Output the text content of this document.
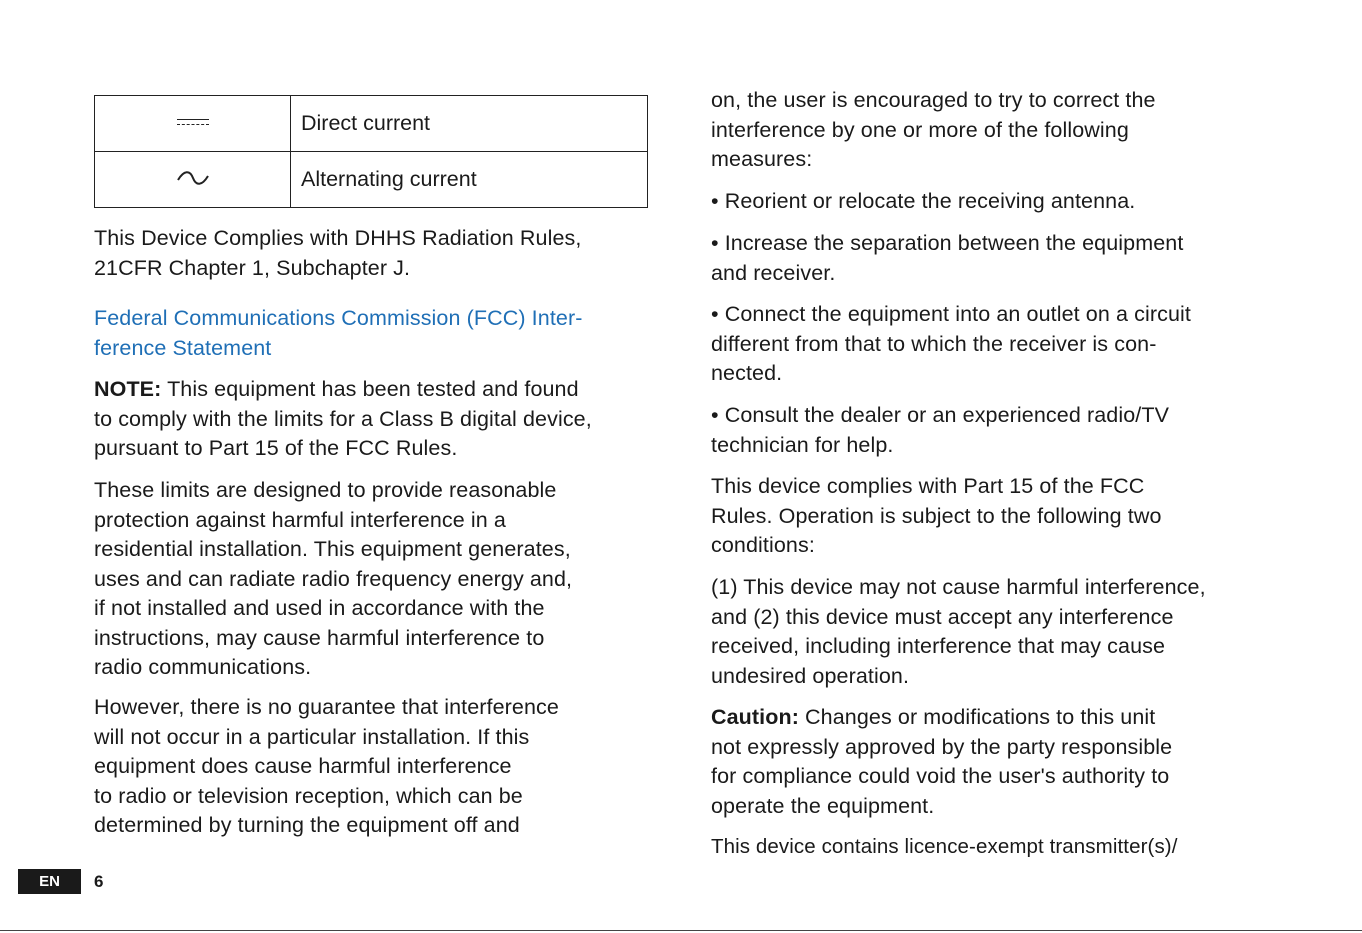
	Direct current
	Alternating current

This Device Complies with DHHS Radiation Rules,
21CFR Chapter 1, Subchapter J.

Federal Communications Commission (FCC) Inter-
ference Statement

NOTE: This equipment has been tested and found
to comply with the limits for a Class B digital device,
pursuant to Part 15 of the FCC Rules.

These limits are designed to provide reasonable
protection against harmful interference in a
residential installation. This equipment generates,
uses and can radiate radio frequency energy and,
if not installed and used in accordance with the
instructions, may cause harmful interference to
radio communications.

However, there is no guarantee that interference
will not occur in a particular installation. If this
equipment does cause harmful interference
to radio or television reception, which can be
determined by turning the equipment off and

on, the user is encouraged to try to correct the
interference by one or more of the following
measures:

• Reorient or relocate the receiving antenna.

• Increase the separation between the equipment
and receiver.

• Connect the equipment into an outlet on a circuit
different from that to which the receiver is con-
nected.

• Consult the dealer or an experienced radio/TV
technician for help.

This device complies with Part 15 of the FCC
Rules. Operation is subject to the following two
conditions:

(1) This device may not cause harmful interference,
and (2) this device must accept any interference
received, including interference that may cause
undesired operation.

Caution: Changes or modifications to this unit
not expressly approved by the party responsible
for compliance could void the user's authority to
operate the equipment.

This device contains licence-exempt transmitter(s)/

EN	6
